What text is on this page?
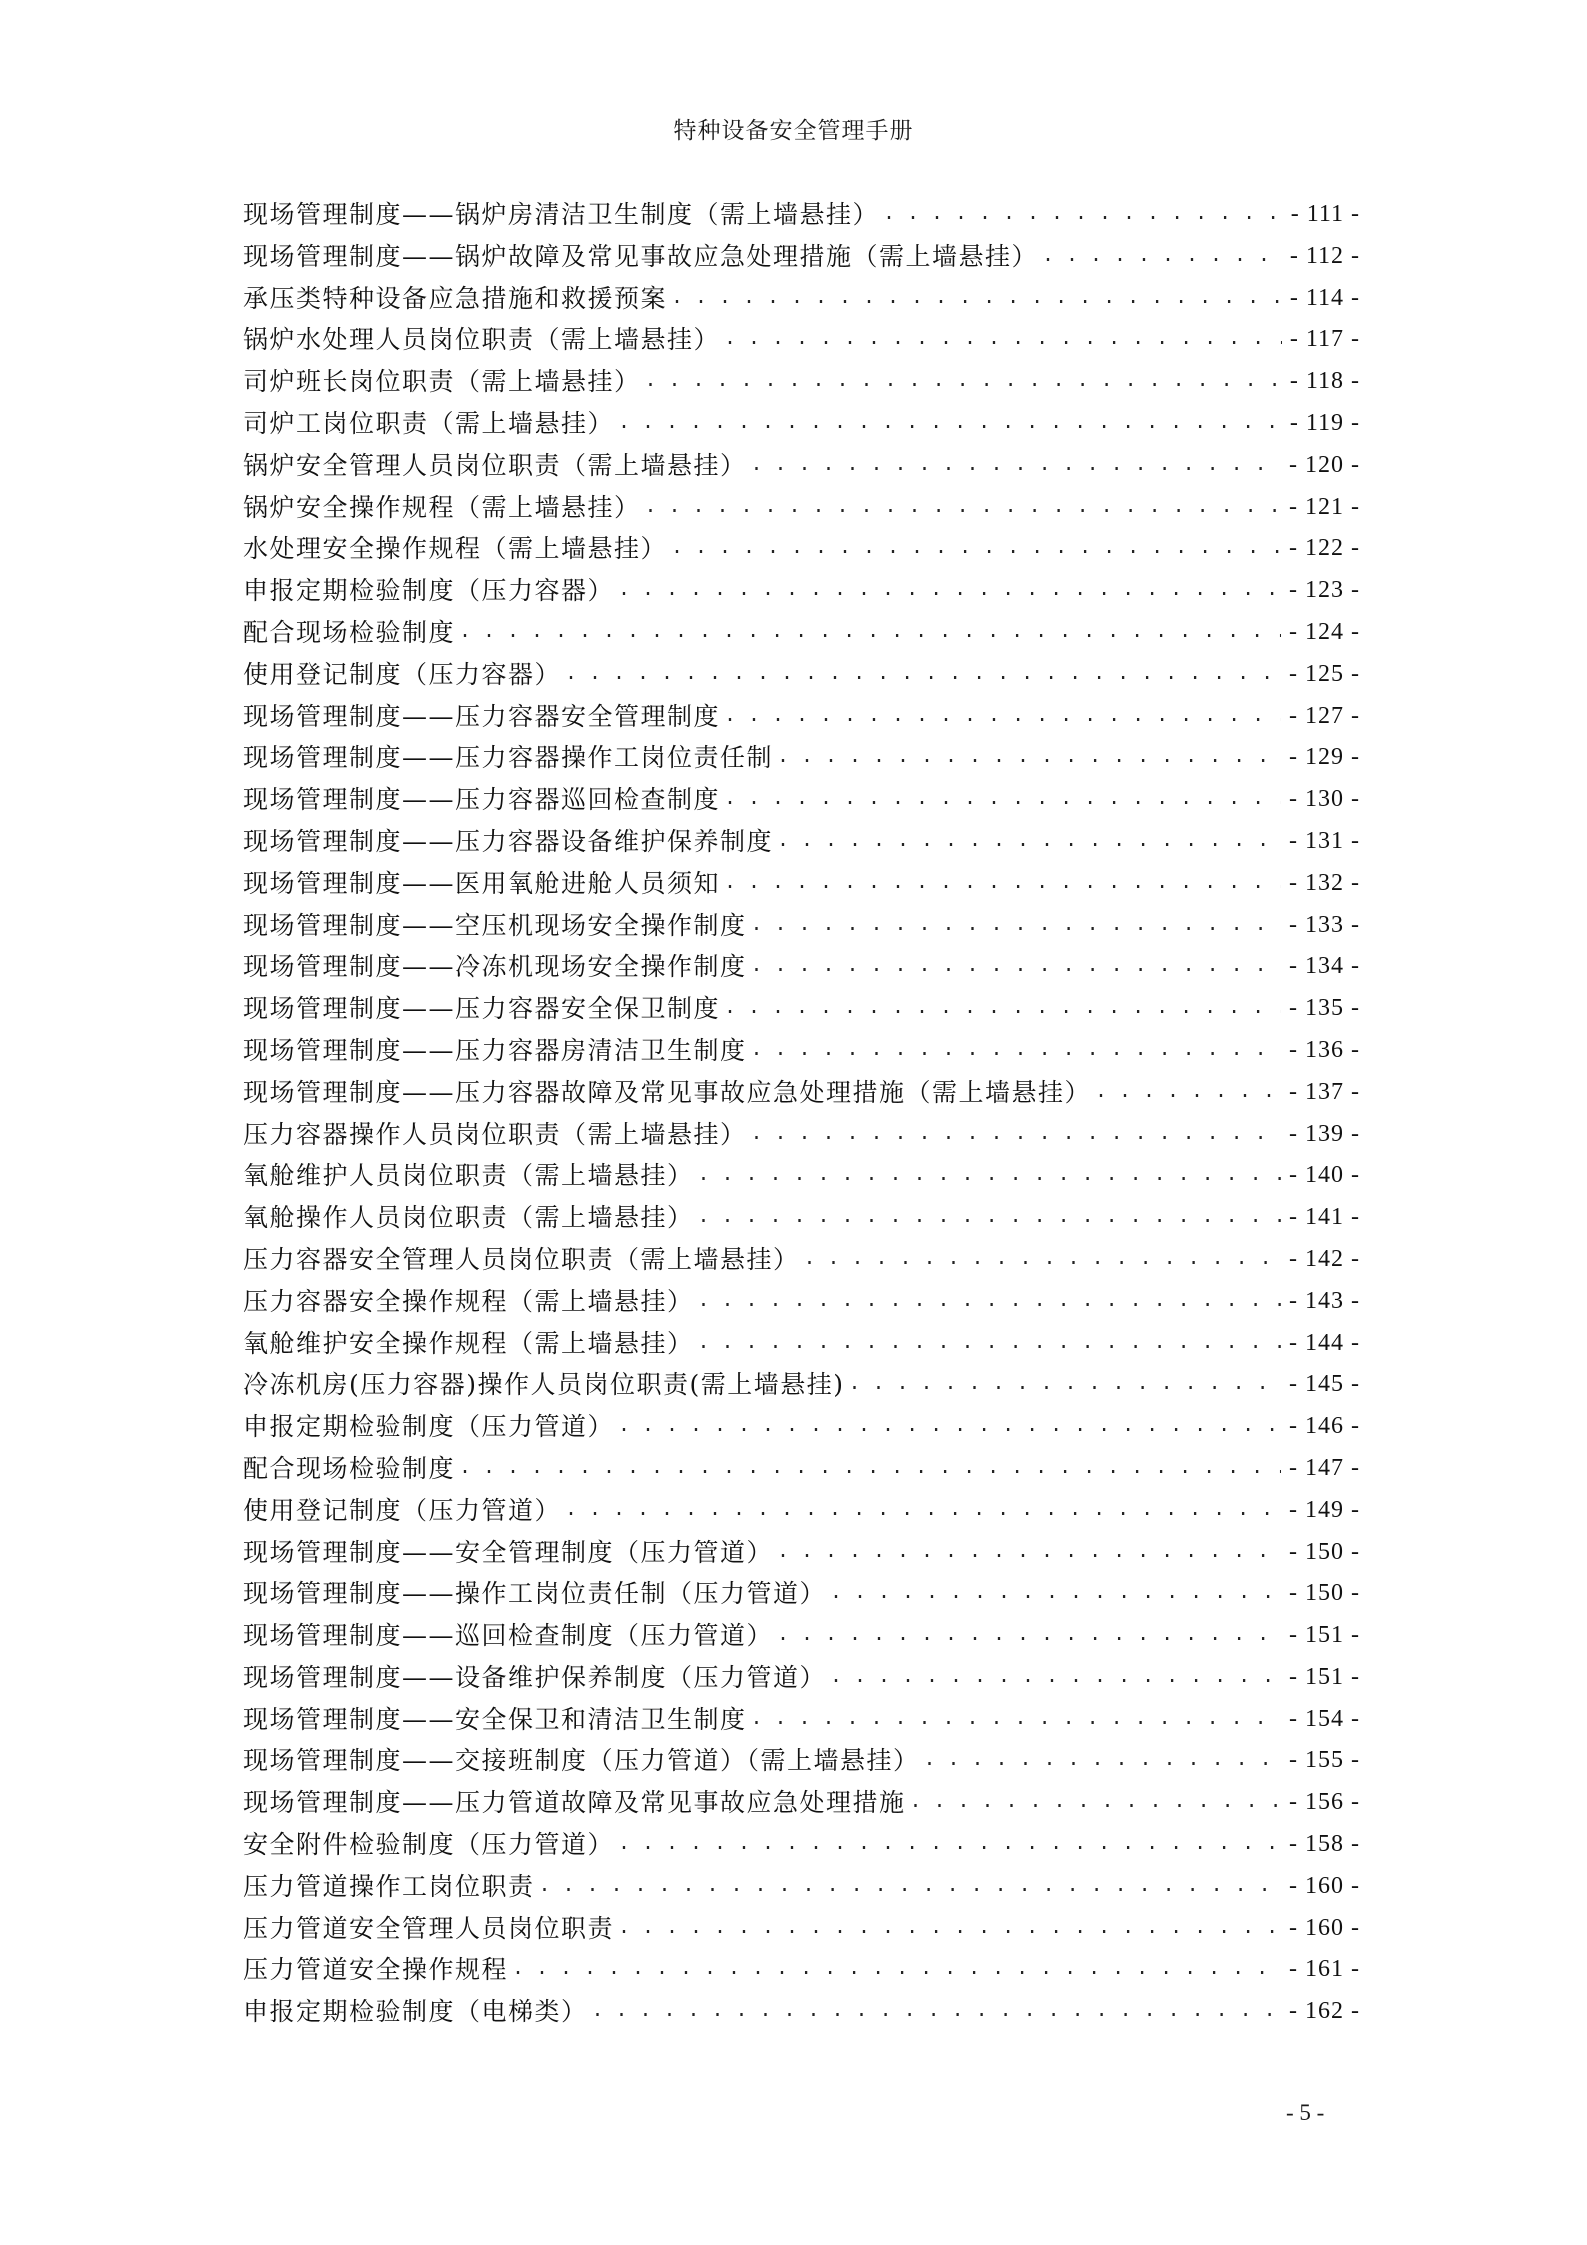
特种设备安全管理手册
现场管理制度——锅炉房清洁卫生制度（需上墙悬挂） . . .	- 111 -
现场管理制度——锅炉故障及常见事故应急处理措施（需上墙悬挂） . . .	- 112 -
承压类特种设备应急措施和救援预案 . . .	- 114 -
锅炉水处理人员岗位职责（需上墙悬挂） . . .	- 117 -
司炉班长岗位职责（需上墙悬挂） . . .	- 118 -
司炉工岗位职责（需上墙悬挂） . . .	- 119 -
锅炉安全管理人员岗位职责（需上墙悬挂） . . .	- 120 -
锅炉安全操作规程（需上墙悬挂） . . .	- 121 -
水处理安全操作规程（需上墙悬挂） . . .	- 122 -
申报定期检验制度（压力容器） . . .	- 123 -
配合现场检验制度 . . .	- 124 -
使用登记制度（压力容器） . . .	- 125 -
现场管理制度——压力容器安全管理制度 . . .	- 127 -
现场管理制度——压力容器操作工岗位责任制 . . .	- 129 -
现场管理制度——压力容器巡回检查制度 . . .	- 130 -
现场管理制度——压力容器设备维护保养制度 . . .	- 131 -
现场管理制度——医用氧舱进舱人员须知 . . .	- 132 -
现场管理制度——空压机现场安全操作制度 . . .	- 133 -
现场管理制度——冷冻机现场安全操作制度 . . .	- 134 -
现场管理制度——压力容器安全保卫制度 . . .	- 135 -
现场管理制度——压力容器房清洁卫生制度 . . .	- 136 -
现场管理制度——压力容器故障及常见事故应急处理措施（需上墙悬挂） . . .	- 137 -
压力容器操作人员岗位职责（需上墙悬挂） . . .	- 139 -
氧舱维护人员岗位职责（需上墙悬挂） . . .	- 140 -
氧舱操作人员岗位职责（需上墙悬挂） . . .	- 141 -
压力容器安全管理人员岗位职责（需上墙悬挂） . . .	- 142 -
压力容器安全操作规程（需上墙悬挂） . . .	- 143 -
氧舱维护安全操作规程（需上墙悬挂） . . .	- 144 -
冷冻机房(压力容器)操作人员岗位职责(需上墙悬挂) . . .	- 145 -
申报定期检验制度（压力管道） . . .	- 146 -
配合现场检验制度 . . .	- 147 -
使用登记制度（压力管道） . . .	- 149 -
现场管理制度——安全管理制度（压力管道） . . .	- 150 -
现场管理制度——操作工岗位责任制（压力管道） . . .	- 150 -
现场管理制度——巡回检查制度（压力管道） . . .	- 151 -
现场管理制度——设备维护保养制度（压力管道） . . .	- 151 -
现场管理制度——安全保卫和清洁卫生制度 . . .	- 154 -
现场管理制度——交接班制度（压力管道）（需上墙悬挂） . . .	- 155 -
现场管理制度——压力管道故障及常见事故应急处理措施 . . .	- 156 -
安全附件检验制度（压力管道） . . .	- 158 -
压力管道操作工岗位职责 . . .	- 160 -
压力管道安全管理人员岗位职责 . . .	- 160 -
压力管道安全操作规程 . . .	- 161 -
申报定期检验制度（电梯类） . . .	- 162 -
- 5 -
